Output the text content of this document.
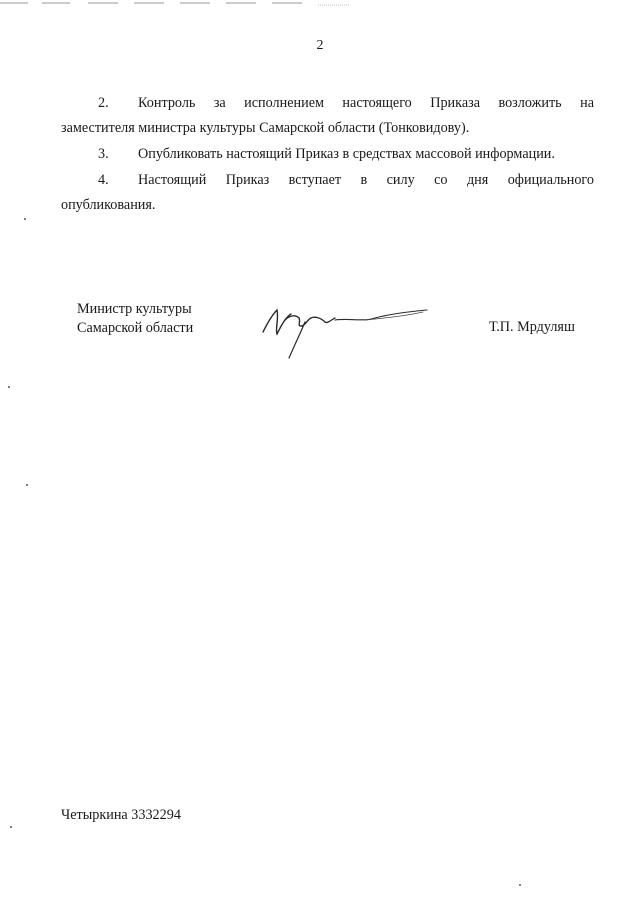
2
2. Контроль за исполнением настоящего Приказа возложить на
заместителя министра культуры Самарской области (Тонковидову).
3. Опубликовать настоящий Приказ в средствах массовой информации.
4. Настоящий Приказ вступает в силу со дня официального
опубликования.
Министр культуры
Самарской области	Т.П. Мрдуляш
Четыркина 3332294
